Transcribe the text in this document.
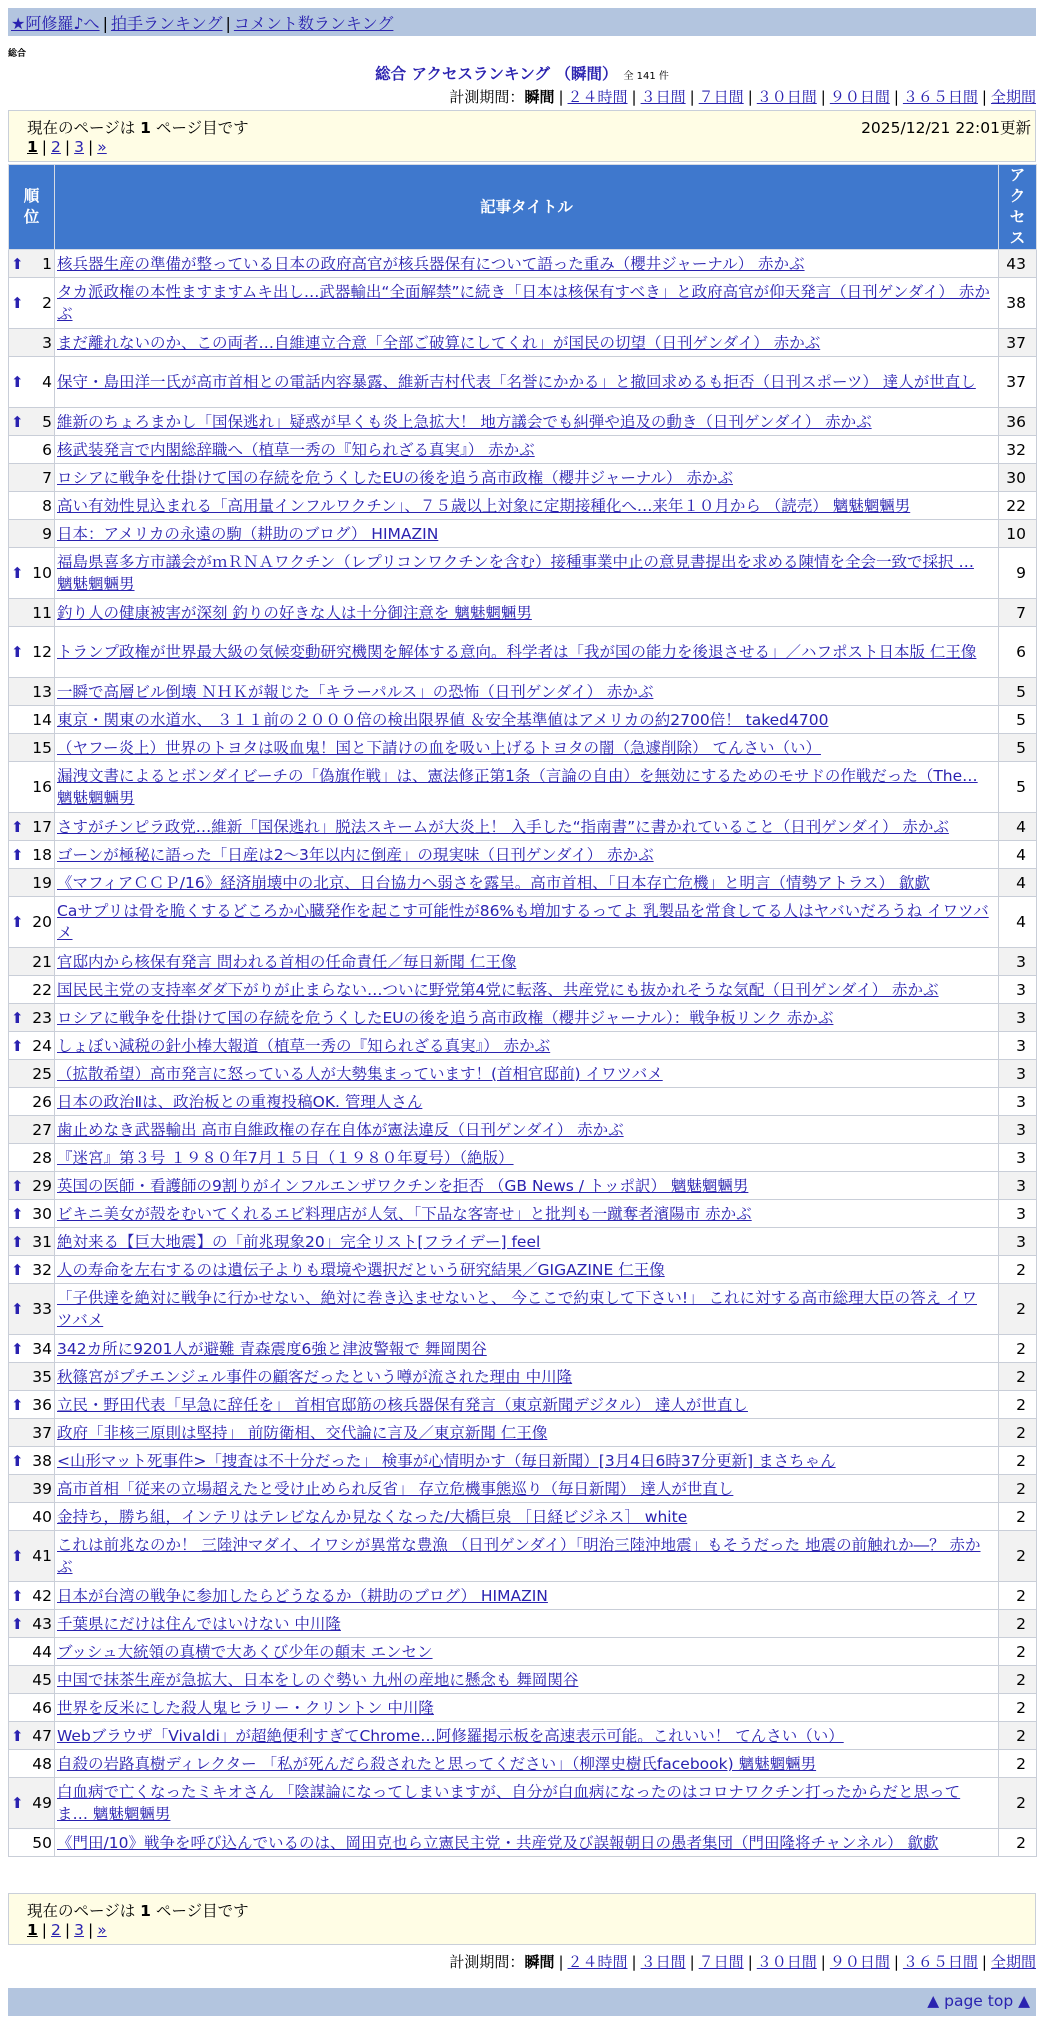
★阿修羅♪へ | 拍手ランキング | コメント数ランキング
総合
総合 アクセスランキング （瞬間） 全 141 件
計測期間：瞬間 | ２４時間 | ３日間 | ７日間 | ３０日間 | ９０日間 | ３６５日間 | 全期間
現在のページは 1 ページ目です	2025/12/21 22:01更新
1 | 2 | 3 | »
順位	記事タイトル	アクセス

⬆ 1	核兵器生産の準備が整っている日本の政府高官が核兵器保有について語った重み（櫻井ジャーナル） 赤かぶ	43

⬆ 2	タカ派政権の本性ますますムキ出し…武器輸出“全面解禁”に続き「日本は核保有すべき」と政府高官が仰天発言（日刊ゲンダイ） 赤かぶ	38
3	まだ離れないのか、この両者…自維連立合意「全部ご破算にしてくれ」が国民の切望（日刊ゲンダイ） 赤かぶ	37

⬆ 4	保守・島田洋一氏が高市首相との電話内容暴露、維新吉村代表「名誉にかかる」と撤回求めるも拒否（日刊スポーツ） 達人が世直し	37

⬆ 5	維新のちょろまかし「国保逃れ」疑惑が早くも炎上急拡大！ 地方議会でも糾弾や追及の動き（日刊ゲンダイ） 赤かぶ	36
6	核武装発言で内閣総辞職へ（植草一秀の『知られざる真実』） 赤かぶ	32
7	ロシアに戦争を仕掛けて国の存続を危うくしたEUの後を追う高市政権（櫻井ジャーナル） 赤かぶ	30
8	高い有効性見込まれる「高用量インフルワクチン」、７５歳以上対象に定期接種化へ…来年１０月から （読売） 魑魅魍魎男	22
9	日本：アメリカの永遠の駒（耕助のブログ） HIMAZIN	10

⬆ 10	福島県喜多方市議会がｍＲＮＡワクチン（レプリコンワクチンを含む）接種事業中止の意見書提出を求める陳情を全会一致で採択 … 魑魅魍魎男	9
11	釣り人の健康被害が深刻 釣りの好きな人は十分御注意を 魑魅魍魎男	7

⬆ 12	トランプ政権が世界最大級の気候変動研究機関を解体する意向。科学者は「我が国の能力を後退させる」／ハフポスト日本版 仁王像	6
13	一瞬で高層ビル倒壊 ＮＨＫが報じた「キラーパルス」の恐怖（日刊ゲンダイ） 赤かぶ	5
14	東京・関東の水道水、 ３１１前の２０００倍の検出限界値 ＆安全基準値はアメリカの約2700倍！ taked4700	5
15	（ヤフー炎上）世界のトヨタは吸血鬼！国と下請けの血を吸い上げるトヨタの闇（急遽削除） てんさい（い）	5
16	漏洩文書によるとボンダイビーチの「偽旗作戦」は、憲法修正第1条（言論の自由）を無効にするためのモサドの作戦だった（The… 魑魅魍魎男	5

⬆ 17	さすがチンピラ政党…維新「国保逃れ」脱法スキームが大炎上！ 入手した“指南書”に書かれていること（日刊ゲンダイ） 赤かぶ	4

⬆ 18	ゴーンが極秘に語った「日産は2～3年以内に倒産」の現実味（日刊ゲンダイ） 赤かぶ	4
19	《マフィアＣＣＰ/16》経済崩壊中の北京、日台協力へ弱さを露呈。高市首相、「日本存亡危機」と明言（情勢アトラス） 歙歔	4

⬆ 20	Caサプリは骨を脆くするどころか心臓発作を起こす可能性が86%も増加するってよ 乳製品を常食してる人はヤバいだろうね イワツバメ	4
21	官邸内から核保有発言 問われる首相の任命責任／毎日新聞 仁王像	3
22	国民民主党の支持率ダダ下がりが止まらない…ついに野党第4党に転落、共産党にも抜かれそうな気配（日刊ゲンダイ） 赤かぶ	3

⬆ 23	ロシアに戦争を仕掛けて国の存続を危うくしたEUの後を追う高市政権（櫻井ジャーナル）：戦争板リンク 赤かぶ	3

⬆ 24	しょぼい減税の針小棒大報道（植草一秀の『知られざる真実』） 赤かぶ	3
25	（拡散希望）高市発言に怒っている人が大勢集まっています！(首相官邸前) イワツバメ	3
26	日本の政治Ⅱは、政治板との重複投稿OK. 管理人さん	3
27	歯止めなき武器輸出 高市自維政権の存在自体が憲法違反（日刊ゲンダイ） 赤かぶ	3
28	『迷宮』第３号 １９８０年7月１５日（１９８０年夏号）（絶版）	3

⬆ 29	英国の医師・看護師の9割りがインフルエンザワクチンを拒否 （GB News / トッポ訳） 魑魅魍魎男	3

⬆ 30	ビキニ美女が殻をむいてくれるエビ料理店が人気、「下品な客寄せ」と批判も一蹴奪者濱陽市 赤かぶ	3

⬆ 31	絶対来る【巨大地震】の「前兆現象20」完全リスト[フライデー] feel	3

⬆ 32	人の寿命を左右するのは遺伝子よりも環境や選択だという研究結果／GIGAZINE 仁王像	2

⬆ 33	「子供達を絶対に戦争に行かせない、絶対に巻き込ませないと、 今ここで約束して下さい!」 これに対する高市総理大臣の答え イワツバメ	2

⬆ 34	342カ所に9201人が避難 青森震度6強と津波警報で 舞岡関谷	2
35	秋篠宮がプチエンジェル事件の顧客だったという噂が流された理由 中川隆	2

⬆ 36	立民・野田代表「早急に辞任を」 首相官邸筋の核兵器保有発言（東京新聞デジタル） 達人が世直し	2
37	政府「非核三原則は堅持」 前防衛相、交代論に言及／東京新聞 仁王像	2

⬆ 38	<山形マット死事件>「捜査は不十分だった」 検事が心情明かす（毎日新聞）[3月4日6時37分更新] まさちゃん	2
39	高市首相「従来の立場超えたと受け止められ反省」 存立危機事態巡り（毎日新聞） 達人が世直し	2
40	金持ち，勝ち組，インテリはテレビなんか見なくなった/大橋巨泉 ［日経ビジネス］ white	2

⬆ 41	これは前兆なのか！ 三陸沖マダイ、イワシが異常な豊漁 （日刊ゲンダイ）「明治三陸沖地震」もそうだった 地震の前触れか―？ 赤かぶ	2

⬆ 42	日本が台湾の戦争に参加したらどうなるか（耕助のブログ） HIMAZIN	2

⬆ 43	千葉県にだけは住んではいけない 中川隆	2
44	ブッシュ大統領の真横で大あくび少年の顛末 エンセン	2
45	中国で抹茶生産が急拡大、日本をしのぐ勢い 九州の産地に懸念も 舞岡関谷	2
46	世界を反米にした殺人鬼ヒラリー・クリントン 中川隆	2

⬆ 47	Webブラウザ「Vivaldi」が超絶便利すぎてChrome…阿修羅掲示板を高速表示可能。これいい！ てんさい（い）	2
48	自殺の岩路真樹ディレクター 「私が死んだら殺されたと思ってください」（柳澤史樹氏facebook) 魑魅魍魎男	2

⬆ 49	白血病で亡くなったミキオさん 「陰謀論になってしまいますが、自分が白血病になったのはコロナワクチン打ったからだと思ってま… 魑魅魍魎男	2
50	《門田/10》戦争を呼び込んでいるのは、岡田克也ら立憲民主党・共産党及び誤報朝日の愚者集団（門田隆将チャンネル） 歙歔	2
現在のページは 1 ページ目です
1 | 2 | 3 | »
計測期間：瞬間 | ２４時間 | ３日間 | ７日間 | ３０日間 | ９０日間 | ３６５日間 | 全期間
▲ page top ▲
